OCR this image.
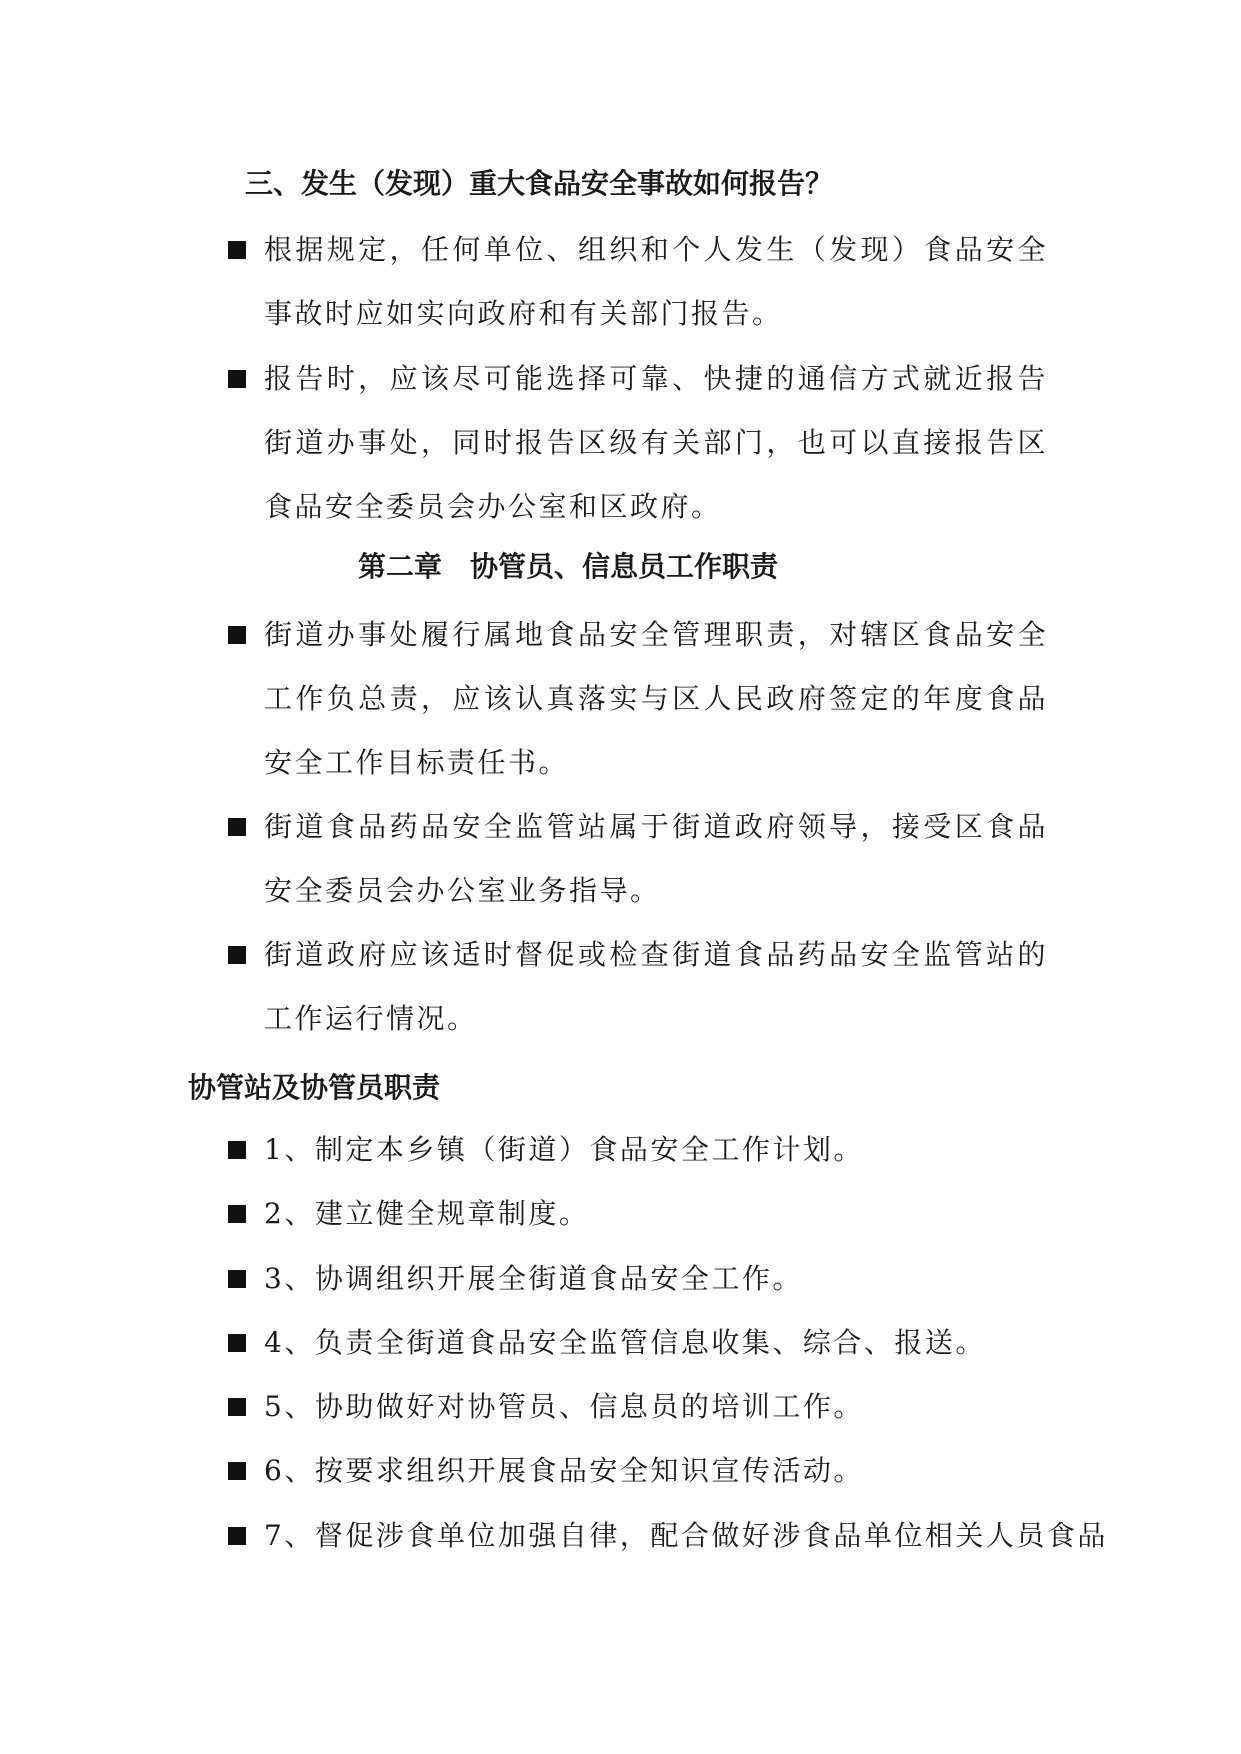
三、发生（发现）重大食品安全事故如何报告？
根据规定，任何单位、组织和个人发生（发现）食品安全事故时应如实向政府和有关部门报告。
报告时，应该尽可能选择可靠、快捷的通信方式就近报告街道办事处，同时报告区级有关部门，也可以直接报告区食品安全委员会办公室和区政府。
第二章　协管员、信息员工作职责
街道办事处履行属地食品安全管理职责，对辖区食品安全工作负总责，应该认真落实与区人民政府签定的年度食品安全工作目标责任书。
街道食品药品安全监管站属于街道政府领导，接受区食品安全委员会办公室业务指导。
街道政府应该适时督促或检查街道食品药品安全监管站的工作运行情况。
协管站及协管员职责
1、制定本乡镇（街道）食品安全工作计划。
2、建立健全规章制度。
3、协调组织开展全街道食品安全工作。
4、负责全街道食品安全监管信息收集、综合、报送。
5、协助做好对协管员、信息员的培训工作。
6、按要求组织开展食品安全知识宣传活动。
7、督促涉食单位加强自律，配合做好涉食品单位相关人员食品
